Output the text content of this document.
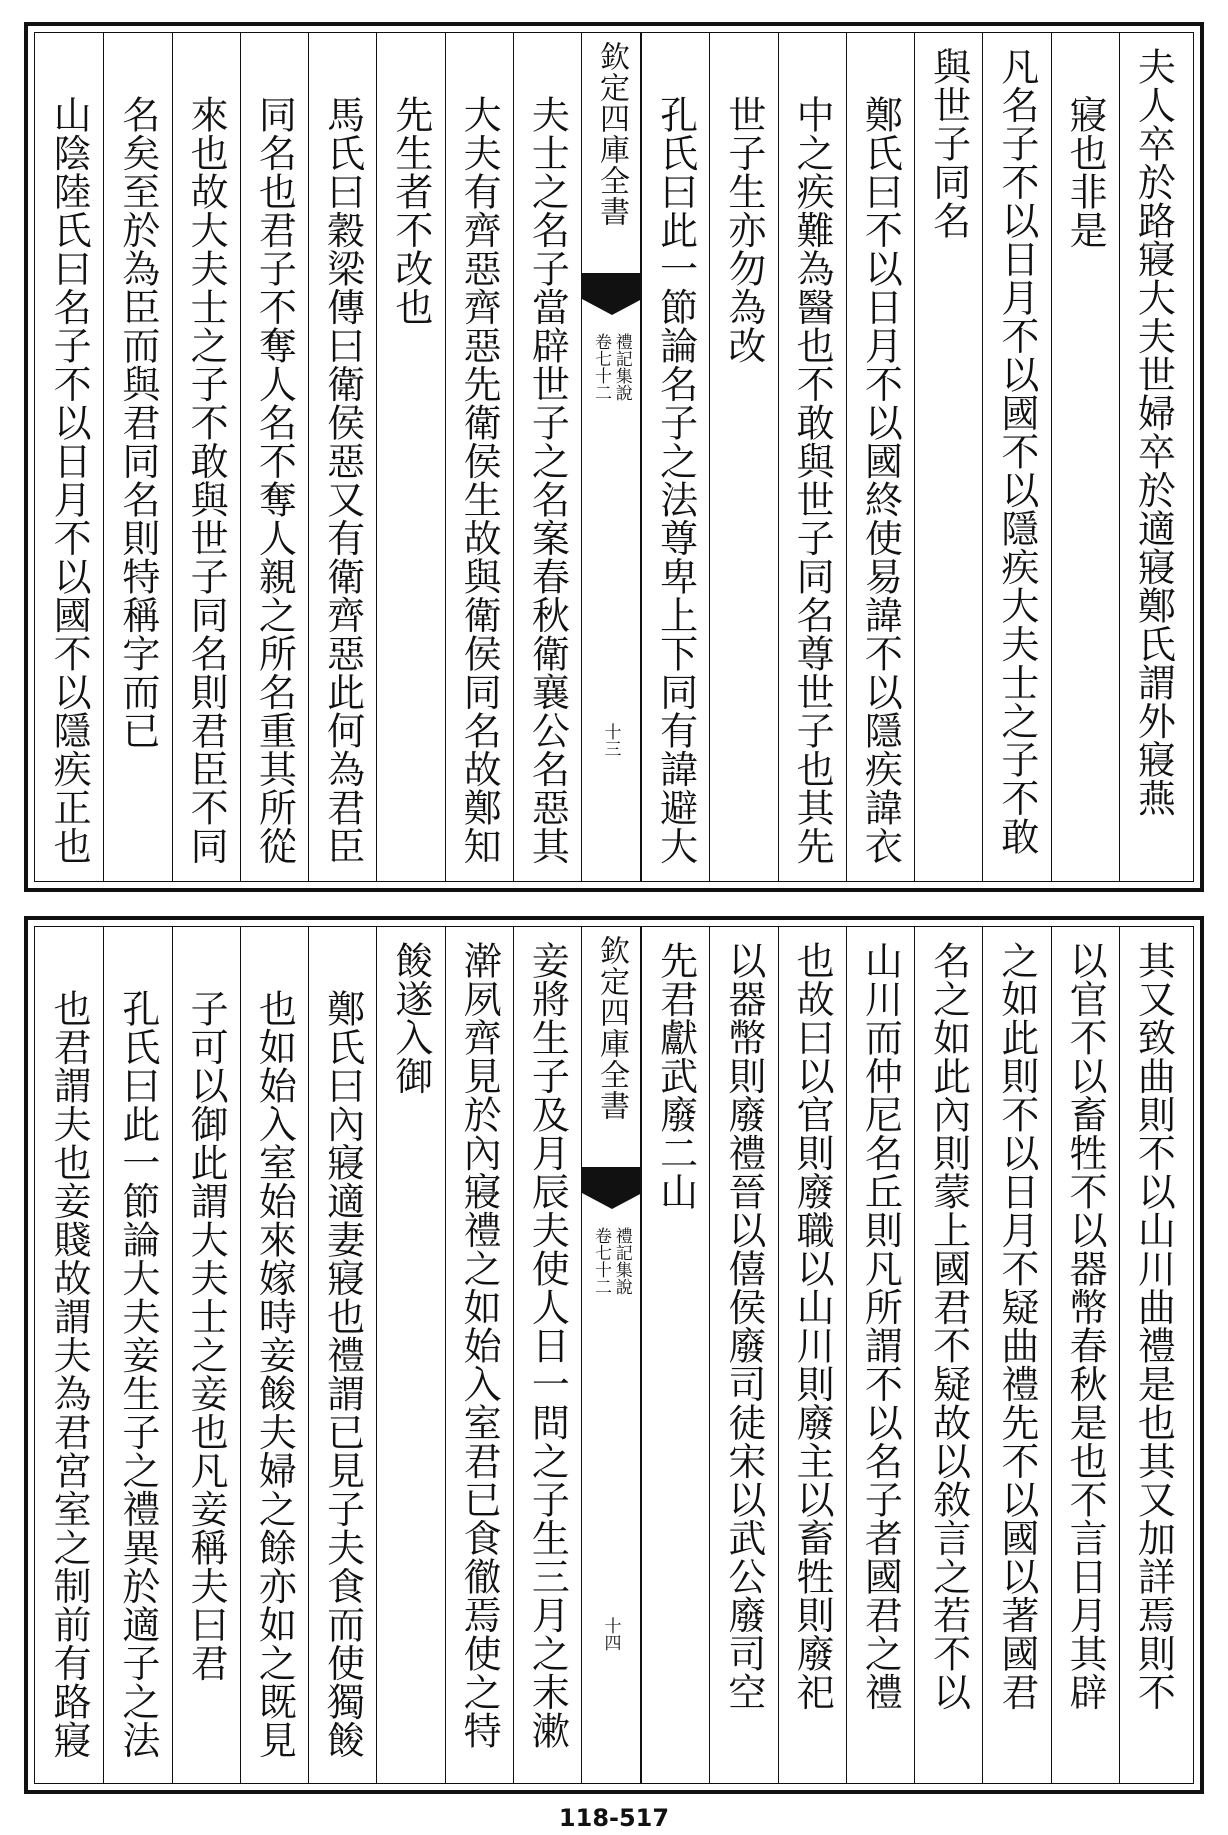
夫人卒於路寢大夫世婦卒於適寢鄭氏謂外寢燕
寢也非是
凡名子不以日月不以國不以隱疾大夫士之子不敢
與世子同名
鄭氏曰不以日月不以國終使易諱不以隱疾諱衣
中之疾難為醫也不敢與世子同名尊世子也其先
世子生亦勿為改
孔氏曰此一節論名子之法尊卑上下同有諱避大
欽定四庫全書
禮記集說
卷七十二
十三
夫士之名子當辟世子之名案春秋衛襄公名惡其
大夫有齊惡齊惡先衛侯生故與衛侯同名故鄭知
先生者不改也
馬氏曰穀梁傳曰衛侯惡又有衛齊惡此何為君臣
同名也君子不奪人名不奪人親之所名重其所從
來也故大夫士之子不敢與世子同名則君臣不同
名矣至於為臣而與君同名則特稱字而已
山陰陸氏曰名子不以日月不以國不以隱疾正也
其又致曲則不以山川曲禮是也其又加詳焉則不
以官不以畜牲不以器幣春秋是也不言日月其辟
之如此則不以日月不疑曲禮先不以國以著國君
名之如此內則蒙上國君不疑故以敘言之若不以
山川而仲尼名丘則凡所謂不以名子者國君之禮
也故曰以官則廢職以山川則廢主以畜牲則廢祀
以器幣則廢禮晉以僖侯廢司徒宋以武公廢司空
先君獻武廢二山
欽定四庫全書
禮記集說
卷七十二
十四
妾將生子及月辰夫使人日一問之子生三月之末漱
澣夙齊見於內寢禮之如始入室君已食徹焉使之特
餕遂入御
鄭氏曰內寢適妻寢也禮謂已見子夫食而使獨餕
也如始入室始來嫁時妾餕夫婦之餘亦如之既見
子可以御此謂大夫士之妾也凡妾稱夫曰君
孔氏曰此一節論大夫妾生子之禮異於適子之法
也君謂夫也妾賤故謂夫為君宮室之制前有路寢
118-517
